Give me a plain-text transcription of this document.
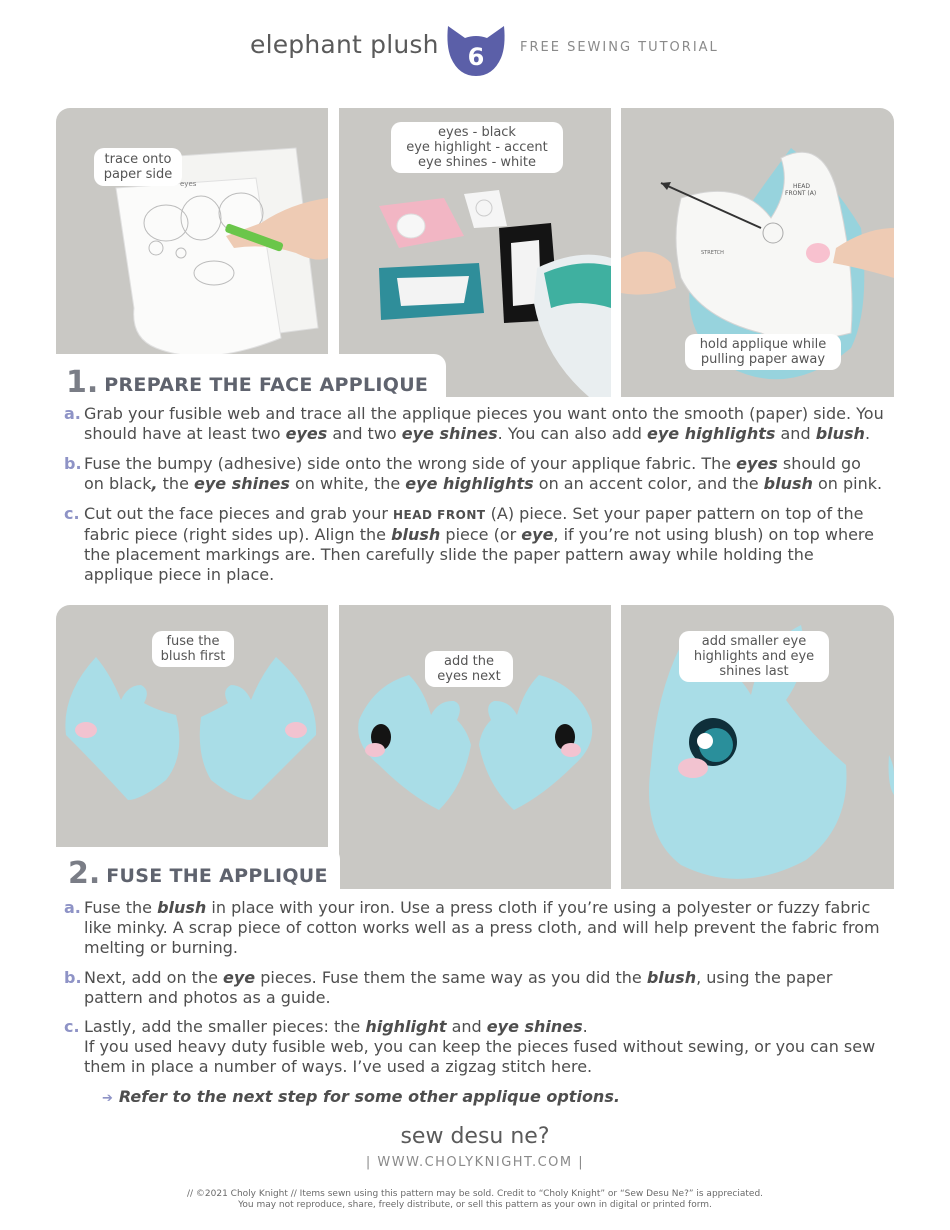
elephant plush 6	FREE SEWING TUTORIAL
eyes
trace onto paper side
eyes - black
eye highlight - accent
eye shines - white
HEAD FRONT (A)
STRETCH
hold applique while
pulling paper away
1. PREPARE THE FACE APPLIQUE
a. Grab your fusible web and trace all the applique pieces you want onto the smooth (paper) side. You should have at least two eyes and two eye shines. You can also add eye highlights and blush.
b. Fuse the bumpy (adhesive) side onto the wrong side of your applique fabric. The eyes should go on black, the eye shines on white, the eye highlights on an accent color, and the blush on pink.
c. Cut out the face pieces and grab your HEAD FRONT (A) piece. Set your paper pattern on top of the fabric piece (right sides up). Align the blush piece (or eye, if you’re not using blush) on top where the placement markings are. Then carefully slide the paper pattern away while holding the applique piece in place.
fuse the
blush first	add the
eyes next
add smaller eye
highlights and eye
shines last
2. FUSE THE APPLIQUE
a. Fuse the blush in place with your iron. Use a press cloth if you’re using a polyester or fuzzy fabric like minky. A scrap piece of cotton works well as a press cloth, and will help prevent the fabric from melting or burning.
b. Next, add on the eye pieces. Fuse them the same way as you did the blush, using the paper pattern and photos as a guide.
c. Lastly, add the smaller pieces: the highlight and eye shines.
If you used heavy duty fusible web, you can keep the pieces fused without sewing, or you can sew them in place a number of ways. I’ve used a zigzag stitch here.
➔ Refer to the next step for some other applique options.
sew desu ne?
| WWW.CHOLYKNIGHT.COM |
// ©2021 Choly Knight // Items sewn using this pattern may be sold. Credit to “Choly Knight” or “Sew Desu Ne?” is appreciated.
You may not reproduce, share, freely distribute, or sell this pattern as your own in digital or printed form.
